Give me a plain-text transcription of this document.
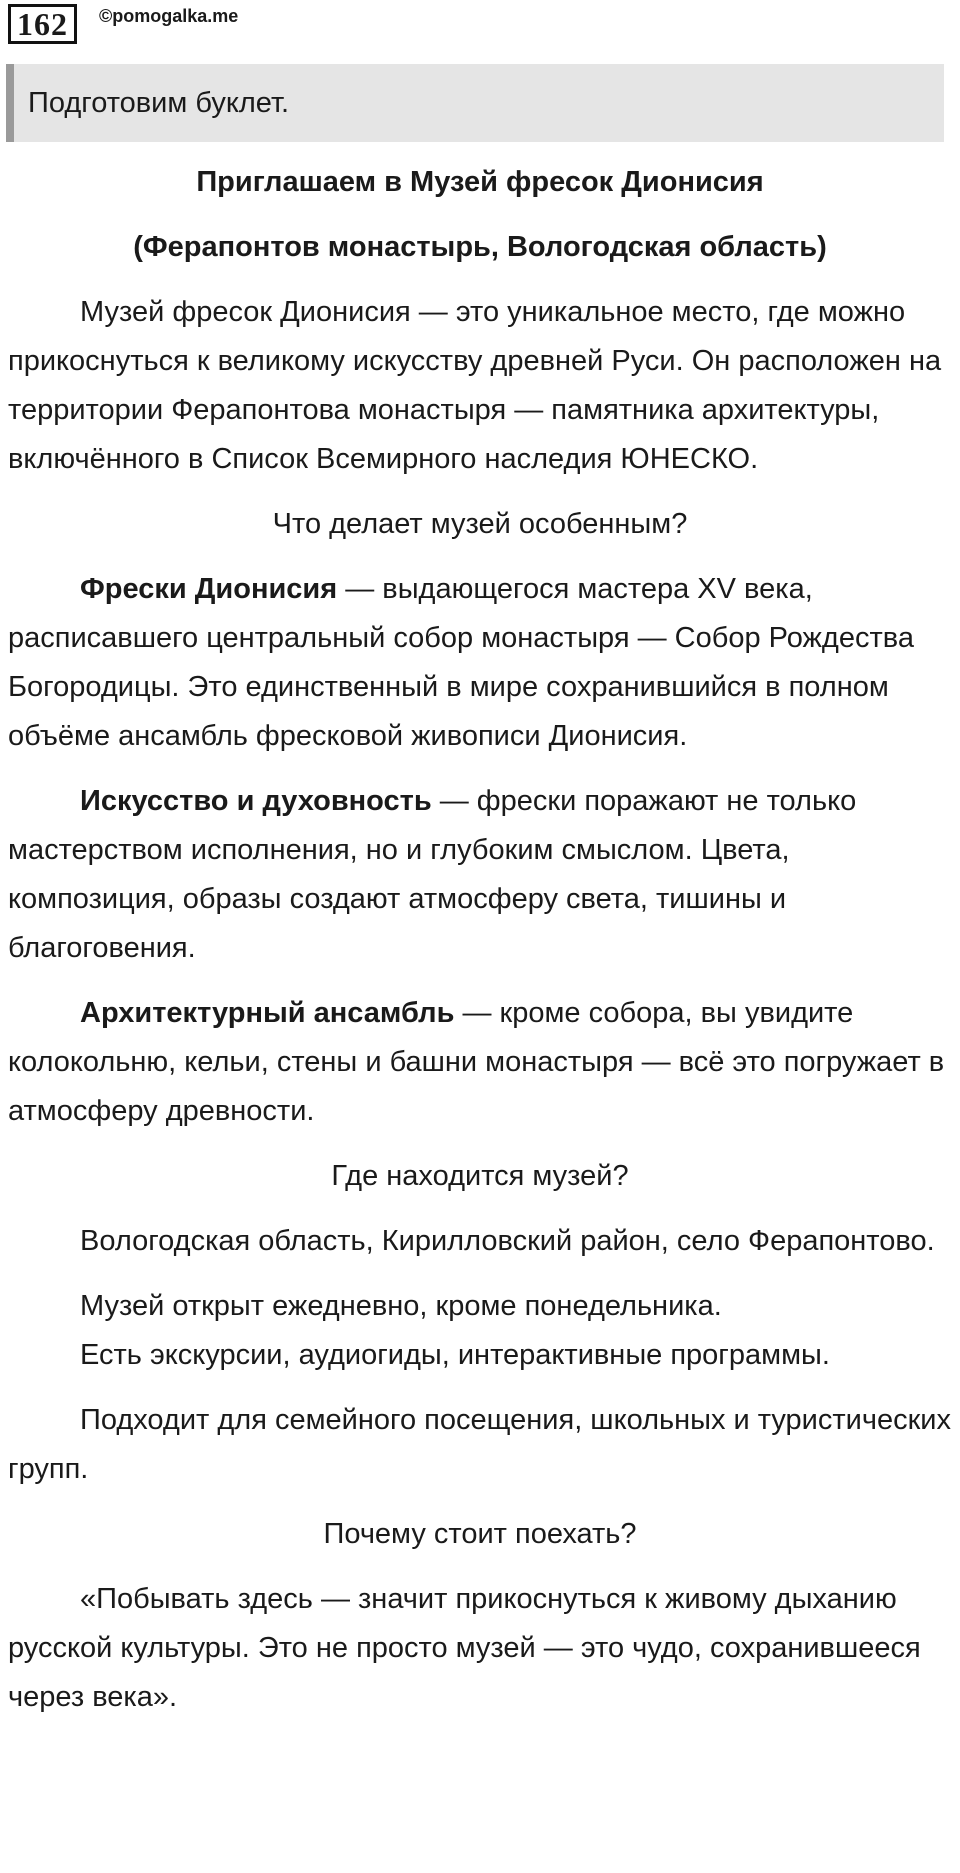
162	©pomogalka.me
Подготовим буклет.

Приглашаем в Музей фресок Дионисия

(Ферапонтов монастырь, Вологодская область)

Музей фресок Дионисия — это уникальное место, где можно прикоснуться к великому искусству древней Руси. Он расположен на территории Ферапонтова монастыря — памятника архитектуры, включённого в Список Всемирного наследия ЮНЕСКО.

Что делает музей особенным?

Фрески Дионисия — выдающегося мастера XV века, расписавшего центральный собор монастыря — Собор Рождества Богородицы. Это единственный в мире сохранившийся в полном объёме ансамбль фресковой живописи Дионисия.

Искусство и духовность — фрески поражают не только мастерством исполнения, но и глубоким смыслом. Цвета, композиция, образы создают атмосферу света, тишины и благоговения.

Архитектурный ансамбль — кроме собора, вы увидите колокольню, кельи, стены и башни монастыря — всё это погружает в атмосферу древности.

Где находится музей?

Вологодская область, Кирилловский район, село Ферапонтово.

Музей открыт ежедневно, кроме понедельника.

Есть экскурсии, аудиогиды, интерактивные программы.

Подходит для семейного посещения, школьных и туристических групп.

Почему стоит поехать?

«Побывать здесь — значит прикоснуться к живому дыханию русской культуры. Это не просто музей — это чудо, сохранившееся через века».
